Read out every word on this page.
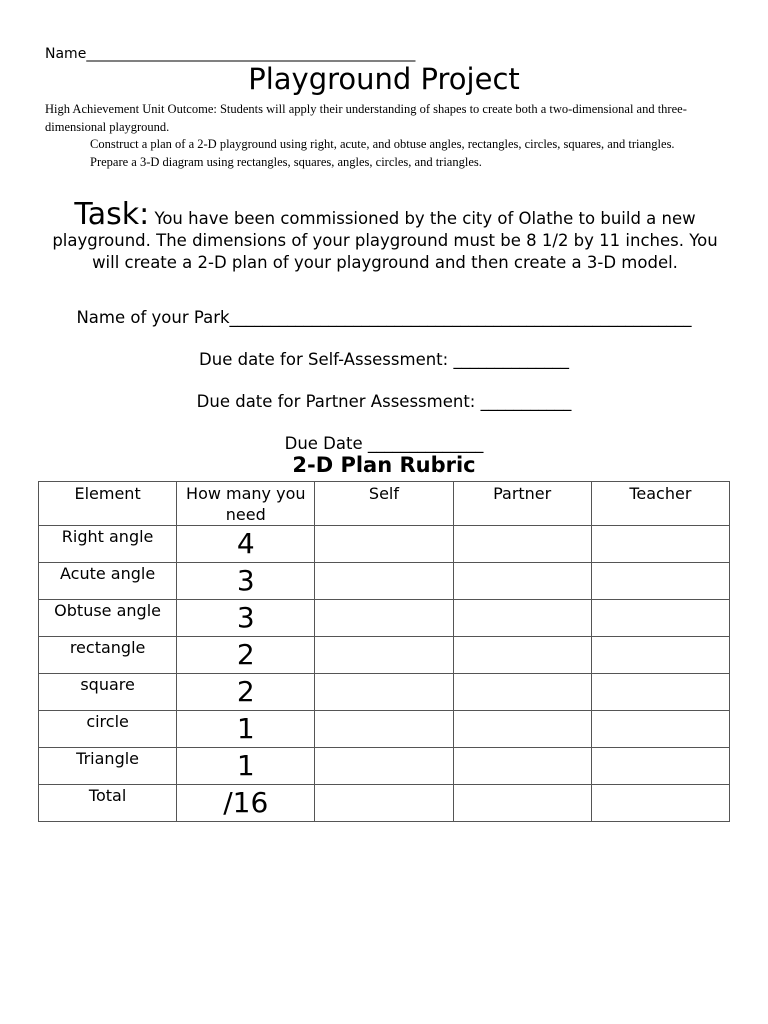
Name_______________________________________________
Playground Project
High Achievement Unit Outcome: Students will apply their understanding of shapes to create both a two-dimensional and three- dimensional playground.
Construct a plan of a 2-D playground using right, acute, and obtuse angles, rectangles, circles, squares, and triangles.
Prepare a 3-D diagram using rectangles, squares, angles, circles, and triangles.
Task: You have been commissioned by the city of Olathe to build a new playground. The dimensions of your playground must be 8 1/2 by 11 inches. You will create a 2-D plan of your playground and then create a 3-D model.
Name of your Park________________________________________________________
Due date for Self-Assessment: ______________
Due date for Partner Assessment: ___________
Due Date ______________
2-D Plan Rubric
Element	How many you need	Self	Partner	Teacher
Right angle	4			
Acute angle	3			
Obtuse angle	3			
rectangle	2			
square	2			
circle	1			
Triangle	1			
Total	/16			
